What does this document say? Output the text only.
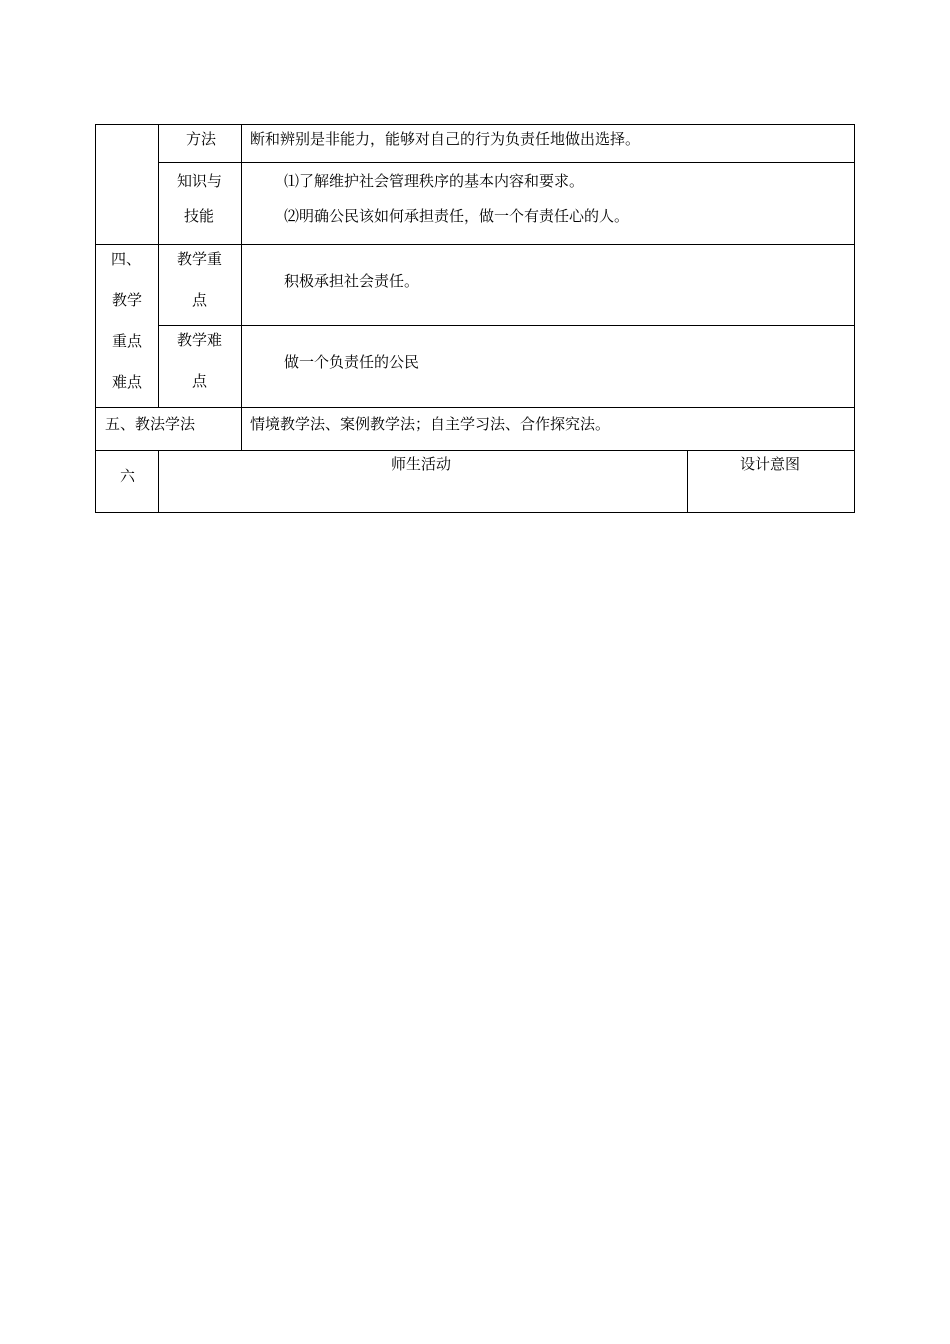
方法 断和辨别是非能力，能够对自己的行为负责任地做出选择。
知识与
技能
⑴了解维护社会管理秩序的基本内容和要求。
⑵明确公民该如何承担责任，做一个有责任心的人。
四、
教学
重点
难点
教学重
点
积极承担社会责任。
教学难
点
做一个负责任的公民
五、教法学法	情境教学法、案例教学法；自主学习法、合作探究法。
六
师生活动	设计意图
